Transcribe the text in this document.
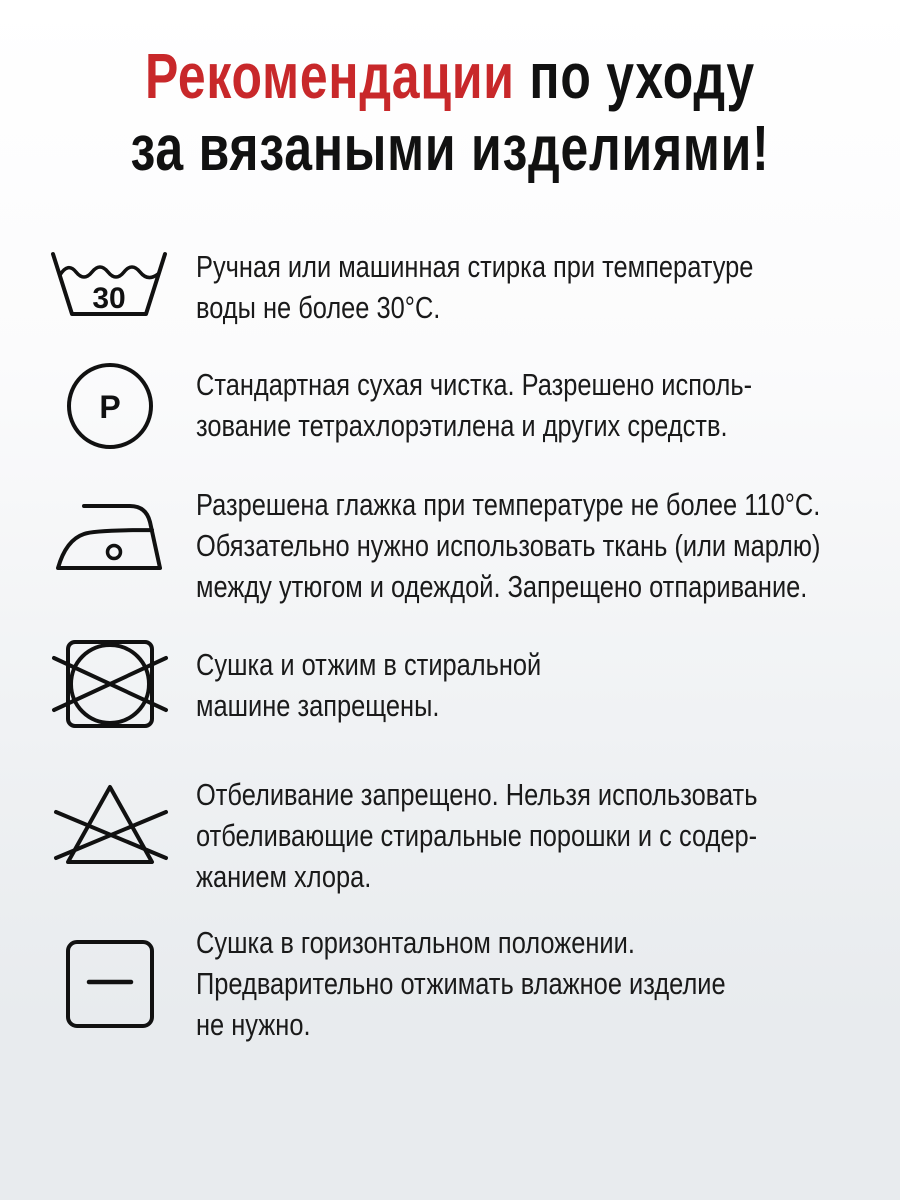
Рекомендации по уходу
за вязаными изделиями!
30
Ручная или машинная стирка при температуре
воды не более 30°С.
P
Стандартная сухая чистка. Разрешено исполь-
зование тетрахлорэтилена и других средств.
Разрешена глажка при температуре не более 110°С.
Обязательно нужно использовать ткань (или марлю)
между утюгом и одеждой. Запрещено отпаривание.
Сушка и отжим в стиральной
машине запрещены.
Отбеливание запрещено. Нельзя использовать
отбеливающие стиральные порошки и с содер-
жанием хлора.
Сушка в горизонтальном положении.
Предварительно отжимать влажное изделие
не нужно.
